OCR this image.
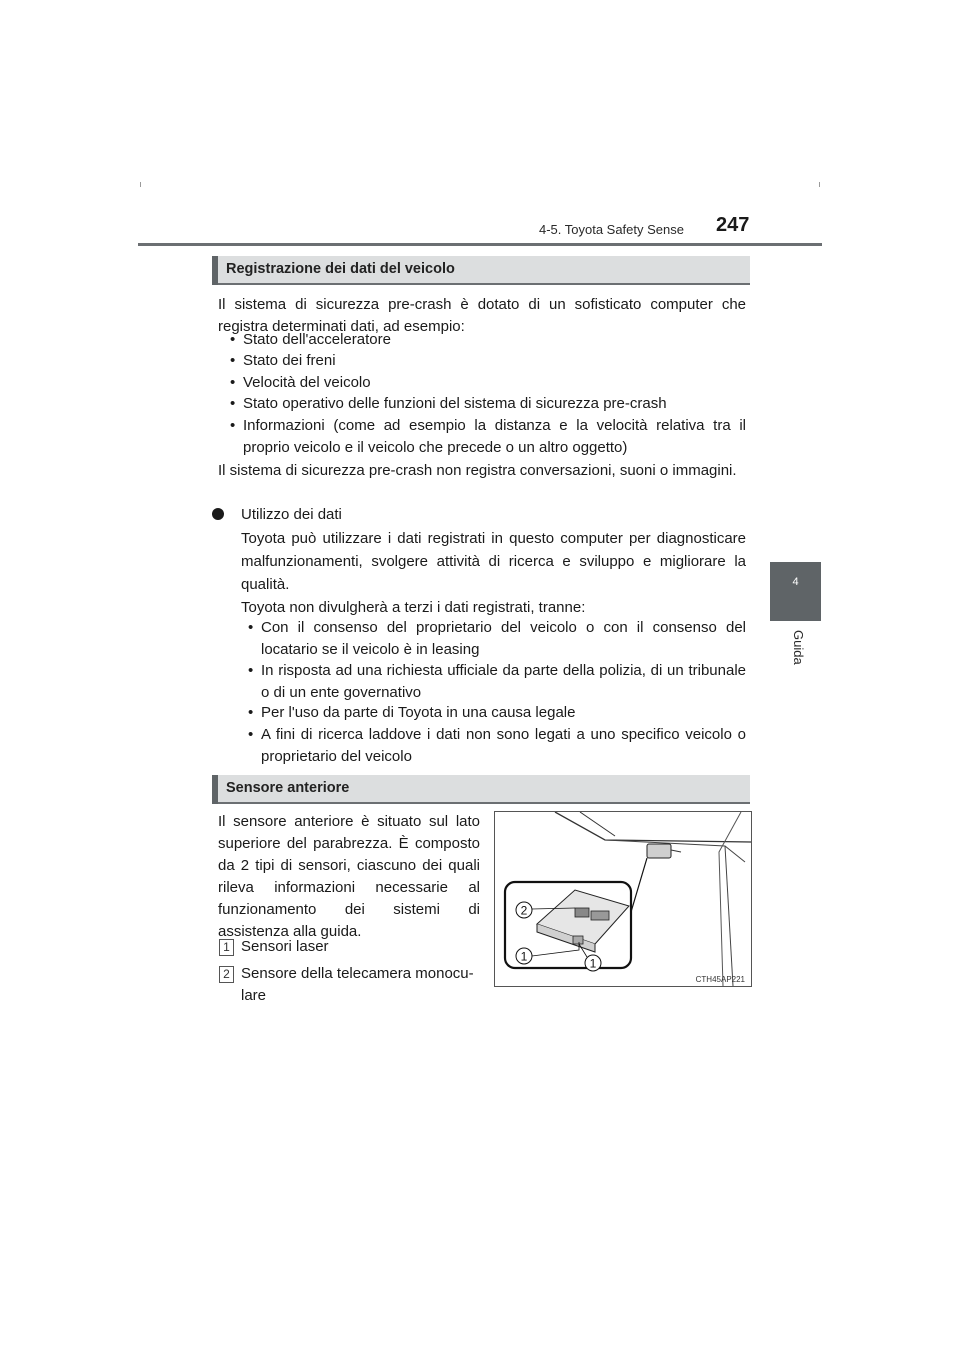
4-5. Toyota Safety Sense 247
4
Guida
Registrazione dei dati del veicolo
Il sistema di sicurezza pre-crash è dotato di un sofisticato computer che registra determinati dati, ad esempio:
• Stato dell'acceleratore
• Stato dei freni
• Velocità del veicolo
• Stato operativo delle funzioni del sistema di sicurezza pre-crash
• Informazioni (come ad esempio la distanza e la velocità relativa tra il proprio veicolo e il veicolo che precede o un altro oggetto)
Il sistema di sicurezza pre-crash non registra conversazioni, suoni o immagini.
Utilizzo dei dati
Toyota può utilizzare i dati registrati in questo computer per diagnosticare malfunzionamenti, svolgere attività di ricerca e sviluppo e migliorare la qualità.
Toyota non divulgherà a terzi i dati registrati, tranne:
• Con il consenso del proprietario del veicolo o con il consenso del locatario se il veicolo è in leasing
• In risposta ad una richiesta ufficiale da parte della polizia, di un tribunale o di un ente governativo
• Per l'uso da parte di Toyota in una causa legale
• A fini di ricerca laddove i dati non sono legati a uno specifico veicolo o proprietario del veicolo
Sensore anteriore
Il sensore anteriore è situato sul lato superiore del parabrezza. È composto da 2 tipi di sensori, ciascuno dei quali rileva informazioni necessarie al funzionamento dei sistemi di assistenza alla guida.
1 Sensori laser
2 Sensore della telecamera monocu-lare
2
1	1
CTH45AP221
